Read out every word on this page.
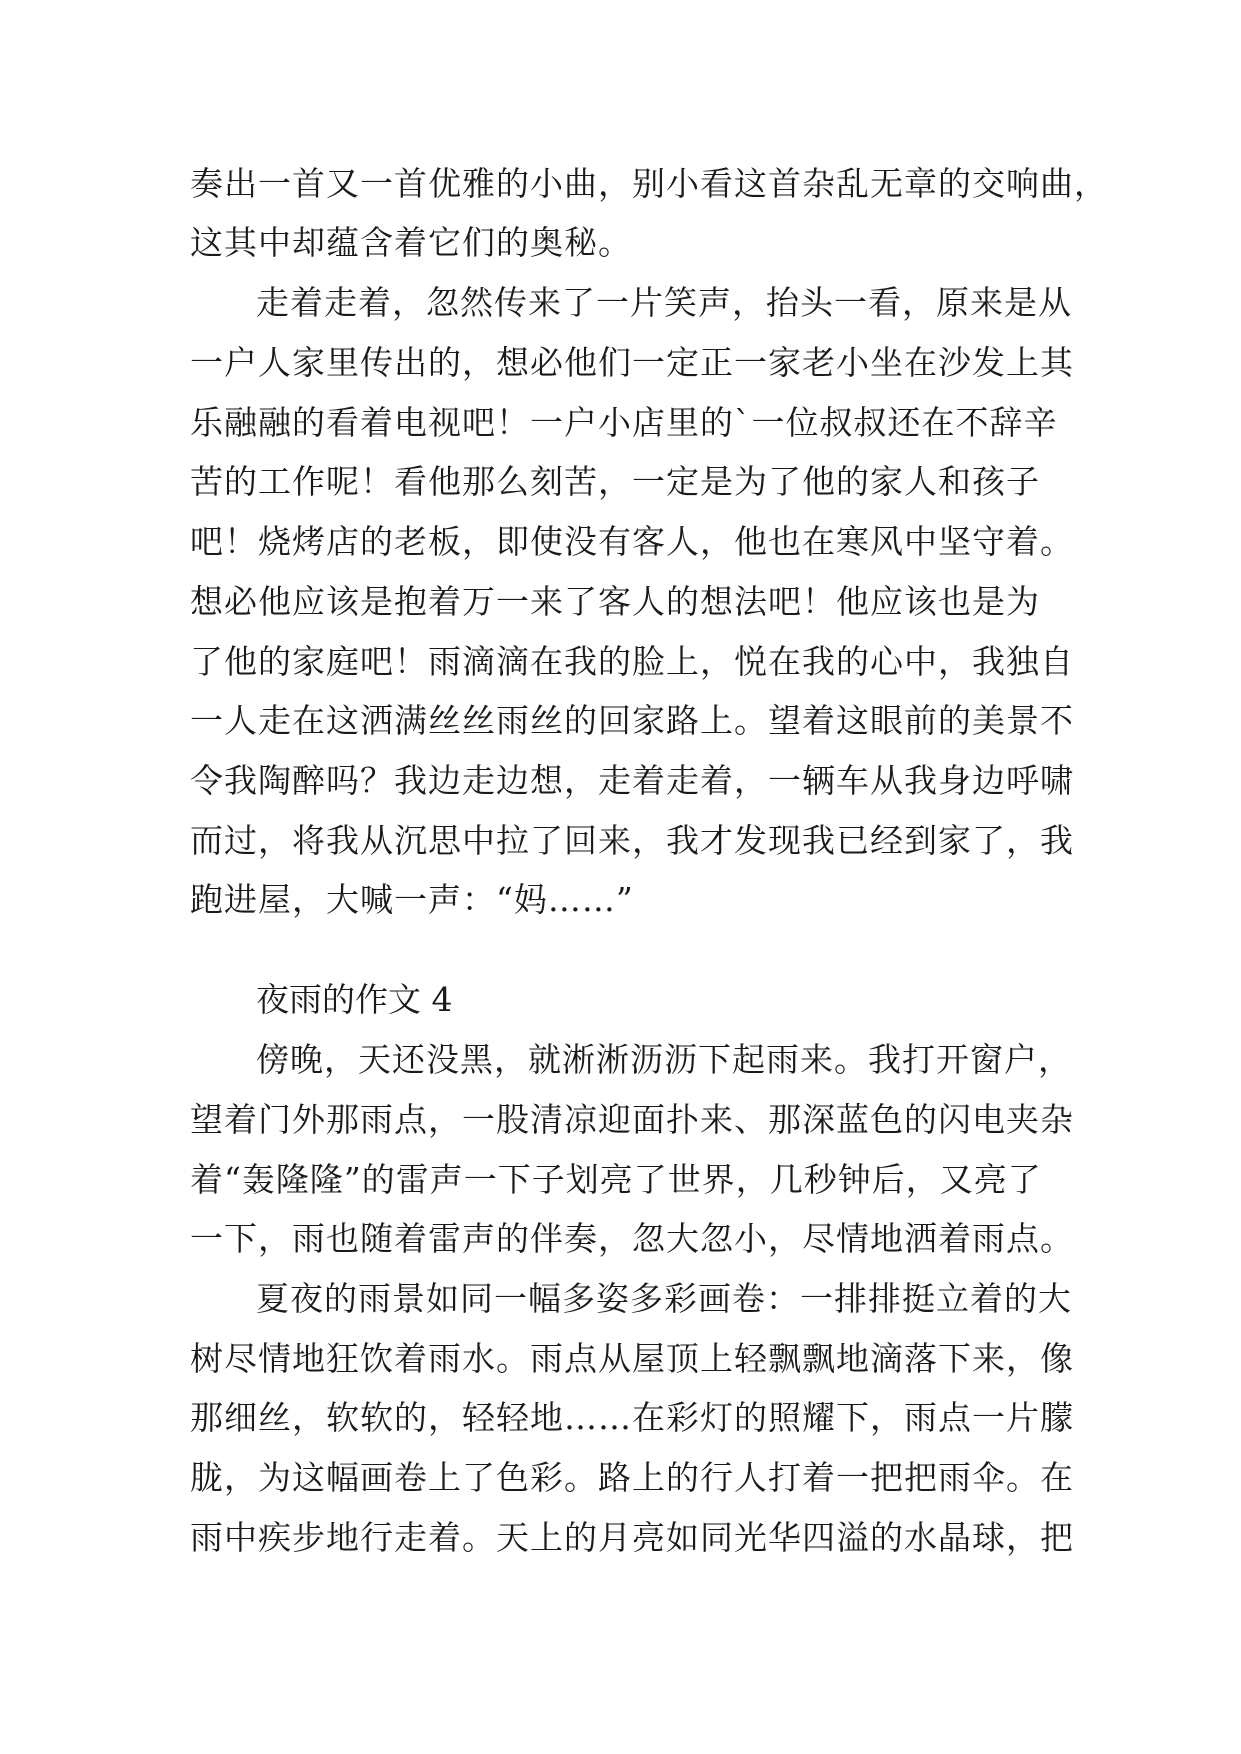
奏出一首又一首优雅的小曲，别小看这首杂乱无章的交响曲，
这其中却蕴含着它们的奥秘。
走着走着，忽然传来了一片笑声，抬头一看，原来是从
一户人家里传出的，想必他们一定正一家老小坐在沙发上其
乐融融的看着电视吧！一户小店里的`一位叔叔还在不辞辛
苦的工作呢！看他那么刻苦，一定是为了他的家人和孩子
吧！烧烤店的老板，即使没有客人，他也在寒风中坚守着。
想必他应该是抱着万一来了客人的想法吧！他应该也是为
了他的家庭吧！雨滴滴在我的脸上，悦在我的心中，我独自
一人走在这洒满丝丝雨丝的回家路上。望着这眼前的美景不
令我陶醉吗？我边走边想，走着走着，一辆车从我身边呼啸
而过，将我从沉思中拉了回来，我才发现我已经到家了，我
跑进屋，大喊一声：“妈……”
夜雨的作文 4
傍晚，天还没黑，就淅淅沥沥下起雨来。我打开窗户，
望着门外那雨点，一股清凉迎面扑来、那深蓝色的闪电夹杂
着“轰隆隆”的雷声一下子划亮了世界，几秒钟后，又亮了
一下，雨也随着雷声的伴奏，忽大忽小，尽情地洒着雨点。
夏夜的雨景如同一幅多姿多彩画卷：一排排挺立着的大
树尽情地狂饮着雨水。雨点从屋顶上轻飘飘地滴落下来，像
那细丝，软软的，轻轻地……在彩灯的照耀下，雨点一片朦
胧，为这幅画卷上了色彩。路上的行人打着一把把雨伞。在
雨中疾步地行走着。天上的月亮如同光华四溢的水晶球，把
